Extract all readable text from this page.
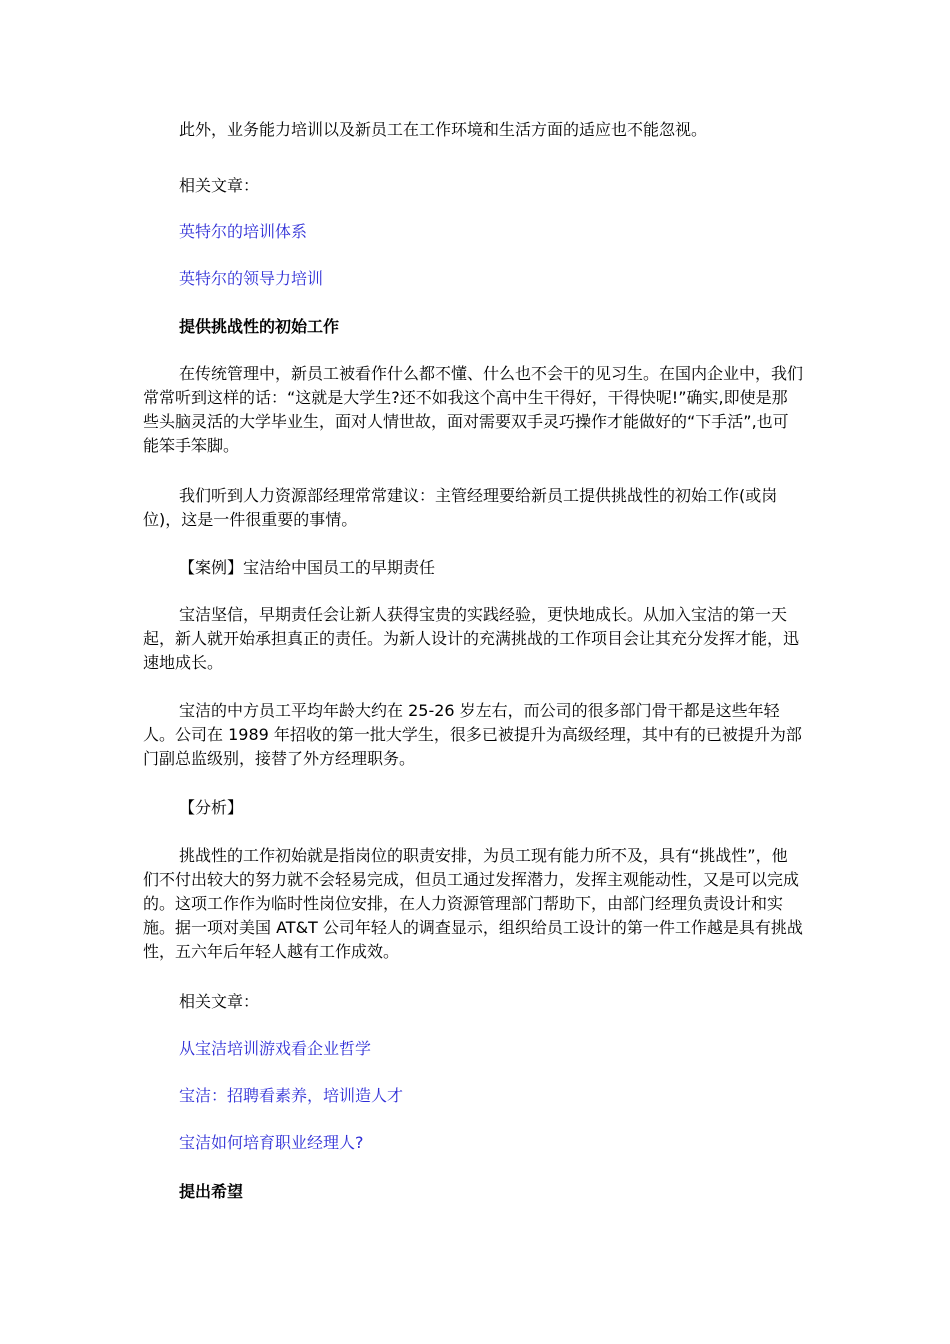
此外，业务能力培训以及新员工在工作环境和生活方面的适应也不能忽视。

相关文章：

英特尔的培训体系

英特尔的领导力培训

提供挑战性的初始工作

在传统管理中，新员工被看作什么都不懂、什么也不会干的见习生。在国内企业中，我们常常听到这样的话：“这就是大学生?还不如我这个高中生干得好，干得快呢!”确实,即使是那些头脑灵活的大学毕业生，面对人情世故，面对需要双手灵巧操作才能做好的“下手活”,也可能笨手笨脚。

我们听到人力资源部经理常常建议：主管经理要给新员工提供挑战性的初始工作(或岗位)，这是一件很重要的事情。

【案例】宝洁给中国员工的早期责任

宝洁坚信，早期责任会让新人获得宝贵的实践经验，更快地成长。从加入宝洁的第一天起，新人就开始承担真正的责任。为新人设计的充满挑战的工作项目会让其充分发挥才能，迅速地成长。

宝洁的中方员工平均年龄大约在 25-26 岁左右，而公司的很多部门骨干都是这些年轻人。公司在 1989 年招收的第一批大学生，很多已被提升为高级经理，其中有的已被提升为部门副总监级别，接替了外方经理职务。

【分析】

挑战性的工作初始就是指岗位的职责安排，为员工现有能力所不及，具有“挑战性”，他们不付出较大的努力就不会轻易完成，但员工通过发挥潜力，发挥主观能动性，又是可以完成的。这项工作作为临时性岗位安排，在人力资源管理部门帮助下，由部门经理负责设计和实施。据一项对美国 AT&T 公司年轻人的调查显示，组织给员工设计的第一件工作越是具有挑战性，五六年后年轻人越有工作成效。

相关文章：

从宝洁培训游戏看企业哲学

宝洁：招聘看素养，培训造人才

宝洁如何培育职业经理人?

提出希望
